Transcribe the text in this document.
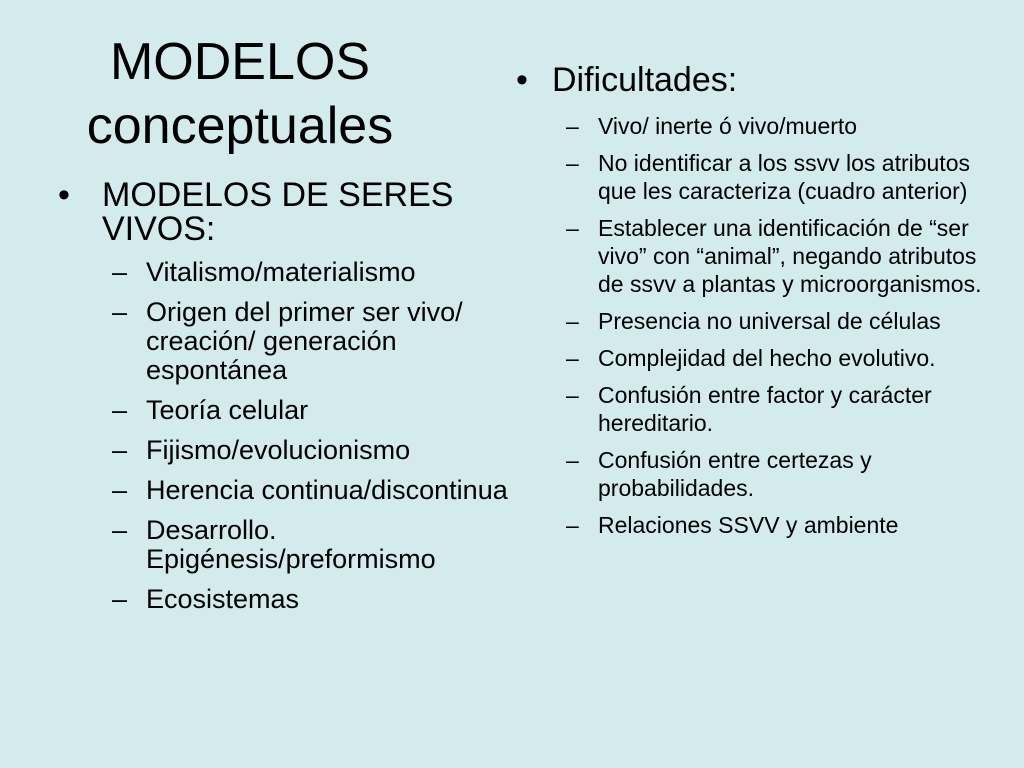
MODELOS
conceptuales
• MODELOS DE SERES VIVOS:
– Vitalismo/materialismo
– Origen del primer ser vivo/ creación/ generación espontánea
– Teoría celular
– Fijismo/evolucionismo
– Herencia continua/discontinua
– Desarrollo. Epigénesis/preformismo
– Ecosistemas
• Dificultades:
– Vivo/ inerte ó vivo/muerto
– No identificar a los ssvv los atributos que les caracteriza (cuadro anterior)
– Establecer una identificación de “ser vivo” con “animal”, negando atributos de ssvv a plantas y microorganismos.
– Presencia no universal de células
– Complejidad del hecho evolutivo.
– Confusión entre factor y carácter hereditario.
– Confusión entre certezas y probabilidades.
– Relaciones SSVV y ambiente
